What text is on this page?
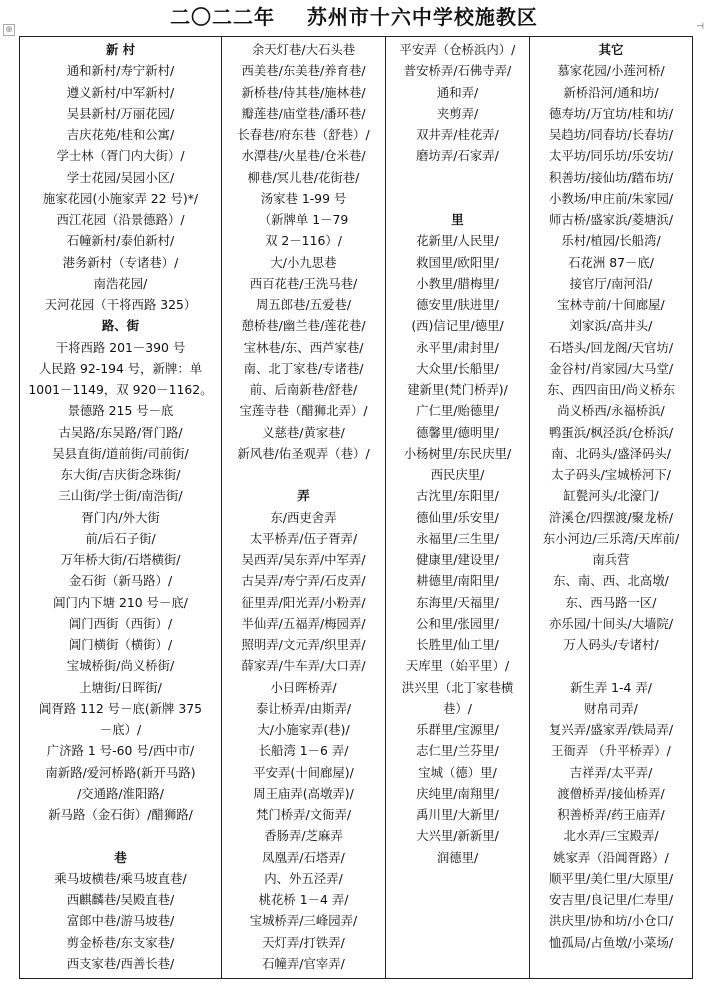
二〇二二年    苏州市十六中学校施教区
⊕	⊣
新 村
通和新村/寿宁新村/
遵义新村/中军新村/
吴县新村/万丽花园/
吉庆花苑/桂和公寓/
学士林（胥门内大街）/
学士花园/吴园小区/
施家花园(小施家弄 22 号)*/
西江花园（沿景德路）/
石幢新村/泰伯新村/
港务新村（专诸巷）/
南浩花园/
天河花园（干将西路 325）
路、街
干将西路 201－390 号
人民路 92-194 号，新牌：单
1001－1149，双 920－1162。
景德路 215 号－底
古吴路/东吴路/胥门路/
吴县直街/道前街/司前街/
东大街/吉庆街念珠街/
三山街/学士街/南浩街/
胥门内/外大街
前/后石子街/
万年桥大街/石塔横街/
金石街（新马路）/
阊门内下塘 210 号－底/
阊门西街（西街）/
阊门横街（横街）/
宝城桥街/尚义桥街/
上塘街/日晖街/
阊胥路 112 号－底(新牌 375
－底）/
广济路 1 号-60 号/西中市/
南新路/爱河桥路(新开马路)
/交通路/淮阳路/
新马路（金石街）/醋狮路/
巷
乘马坡横巷/乘马坡直巷/
西麒麟巷/吴殿直巷/
富郎中巷/游马坡巷/
剪金桥巷/东支家巷/
西支家巷/西善长巷/
余天灯巷/大石头巷
西美巷/东美巷/养育巷/
新桥巷/侍其巷/施林巷/
瓣莲巷/庙堂巷/潘环巷/
长春巷/府东巷（舒巷）/
水潭巷/火星巷/仓米巷/
柳巷/冥儿巷/花街巷/
汤家巷 1-99 号
（新牌单 1－79
双 2－116）/
大/小九思巷
西百花巷/王洗马巷/
周五郎巷/五爱巷/
憩桥巷/幽兰巷/莲花巷/
宝林巷/东、西芦家巷/
南、北丁家巷/专诸巷/
前、后南新巷/舒巷/
宝莲寺巷（醋狮北弄）/
义慈巷/黄家巷/
新风巷/佑圣观弄（巷）/
弄
东/西吏舍弄
太平桥弄/伍子胥弄/
吴西弄/吴东弄/中军弄/
古吴弄/寿宁弄/石皮弄/
征里弄/阳光弄/小粉弄/
半仙弄/五福弄/梅园弄/
照明弄/文元弄/织里弄/
薛家弄/牛车弄/大口弄/
小日晖桥弄/
泰让桥弄/由斯弄/
大/小施家弄(巷)/
长船湾 1－6 弄/
平安弄(十间廊屋)/
周王庙弄(高墩弄)/
梵门桥弄/文衙弄/
香肠弄/芝麻弄
凤凰弄/石塔弄/
内、外五泾弄/
桃花桥 1－4 弄/
宝城桥弄/三峰园弄/
天灯弄/打铁弄/
石幢弄/官宰弄/
平安弄（仓桥浜内）/
普安桥弄/石佛寺弄/
通和弄/
夹剪弄/
双井弄/桂花弄/
磨坊弄/石家弄/
里
花新里/人民里/
救国里/欧阳里/
小教里/腊梅里/
德安里/肤进里/
(西)信记里/德里/
永平里/肃封里/
大众里/长船里/
建新里(梵门桥弄)/
广仁里/贻德里/
德馨里/德明里/
小杨树里/东民庆里/
西民庆里/
古沈里/东阳里/
德仙里/乐安里/
永福里/三生里/
健康里/建设里/
耕德里/南阳里/
东海里/天福里/
公和里/张园里/
长胜里/仙工里/
天库里（始平里）/
洪兴里（北丁家巷横
巷）/
乐群里/宝源里/
志仁里/兰芬里/
宝城（德）里/
庆纯里/南翔里/
禹川里/大新里/
大兴里/新新里/
润德里/
其它
慕家花园/小莲河桥/
新桥沿河/通和坊/
德寿坊/万宜坊/桂和坊/
吴趋坊/同春坊/长春坊/
太平坊/同乐坊/乐安坊/
积善坊/接仙坊/踏布坊/
小教场/申庄前/朱家园/
师古桥/盛家浜/菱塘浜/
乐村/植园/长船湾/
石花洲 87－底/
接官厅/南河沿/
宝林寺前/十间廊屋/
刘家浜/高井头/
石塔头/回龙阁/天官坊/
金谷村/肖家园/大马堂/
东、西四亩田/尚义桥东
尚义桥西/永福桥浜/
鸭蛋浜/枫泾浜/仓桥浜/
南、北码头/盛泽码头/
太子码头/宝城桥河下/
缸甏河头/北濠门/
浒溪仓/四摆渡/聚龙桥/
东小河边/三乐湾/天库前/
南兵营
东、南、西、北高墩/
东、西马路一区/
亦乐园/十间头/大墙院/
万人码头/专诸村/
新生弄 1-4 弄/
财帛司弄/
复兴弄/盛家弄/铁局弄/
王衙弄 （升平桥弄）/
吉祥弄/太平弄/
渡僧桥弄/接仙桥弄/
积善桥弄/药王庙弄/
北水弄/三宝殿弄/
姚家弄（沿阊胥路）/
顺平里/美仁里/大原里/
安吉里/良记里/仁寿里/
洪庆里/协和坊/小仓口/
恤孤局/占鱼墩/小菜场/
